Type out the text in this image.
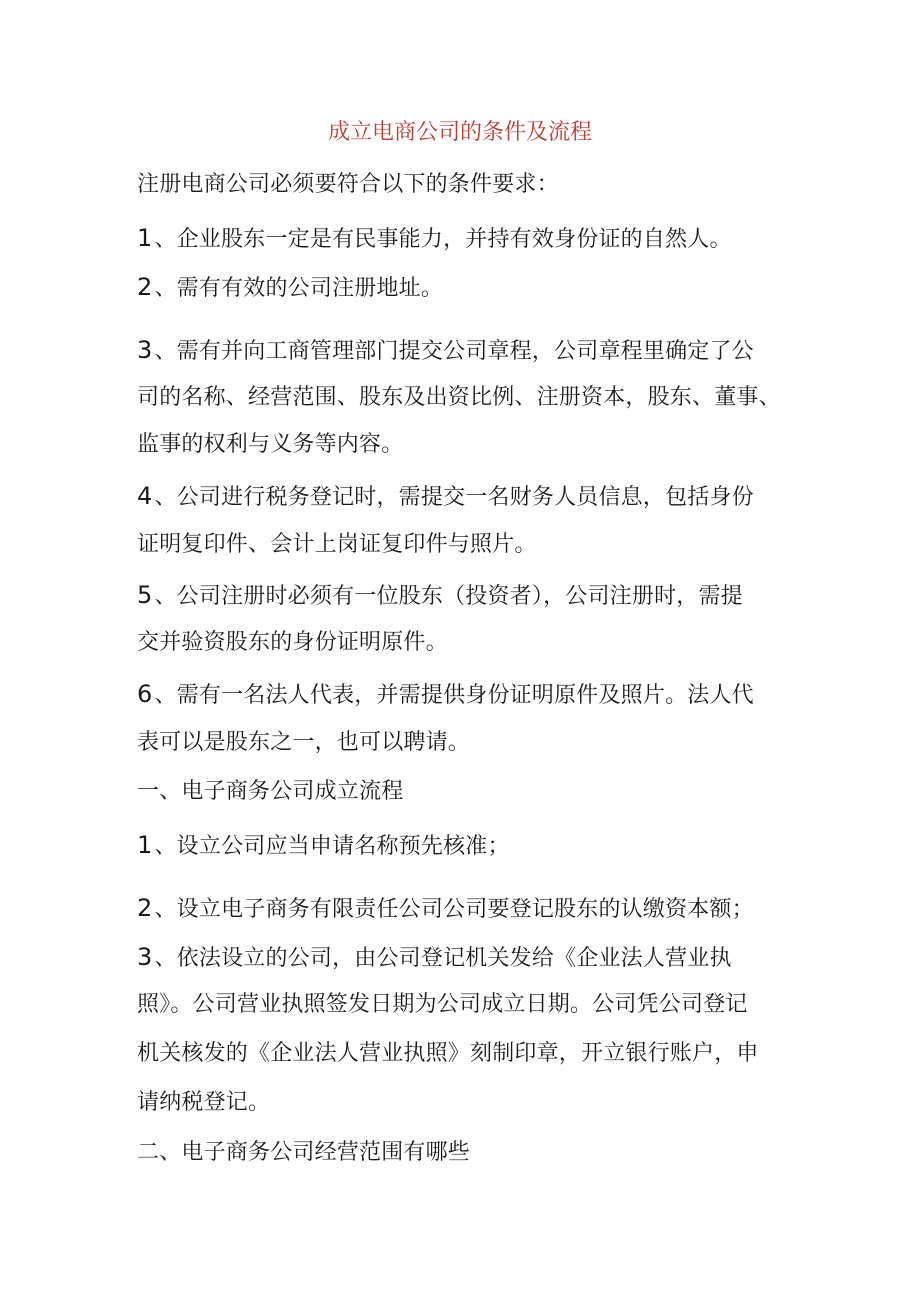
成立电商公司的条件及流程
注册电商公司必须要符合以下的条件要求：
1、企业股东一定是有民事能力，并持有效身份证的自然人。
2、需有有效的公司注册地址。
3、需有并向工商管理部门提交公司章程，公司章程里确定了公
司的名称、经营范围、股东及出资比例、注册资本，股东、董事、
监事的权利与义务等内容。
4、公司进行税务登记时，需提交一名财务人员信息，包括身份
证明复印件、会计上岗证复印件与照片。
5、公司注册时必须有一位股东（投资者），公司注册时，需提
交并验资股东的身份证明原件。
6、需有一名法人代表，并需提供身份证明原件及照片。法人代
表可以是股东之一，也可以聘请。
一、电子商务公司成立流程
1、设立公司应当申请名称预先核准；
2、设立电子商务有限责任公司公司要登记股东的认缴资本额；
3、依法设立的公司，由公司登记机关发给《企业法人营业执
照》。公司营业执照签发日期为公司成立日期。公司凭公司登记
机关核发的《企业法人营业执照》刻制印章，开立银行账户，申
请纳税登记。
二、电子商务公司经营范围有哪些
